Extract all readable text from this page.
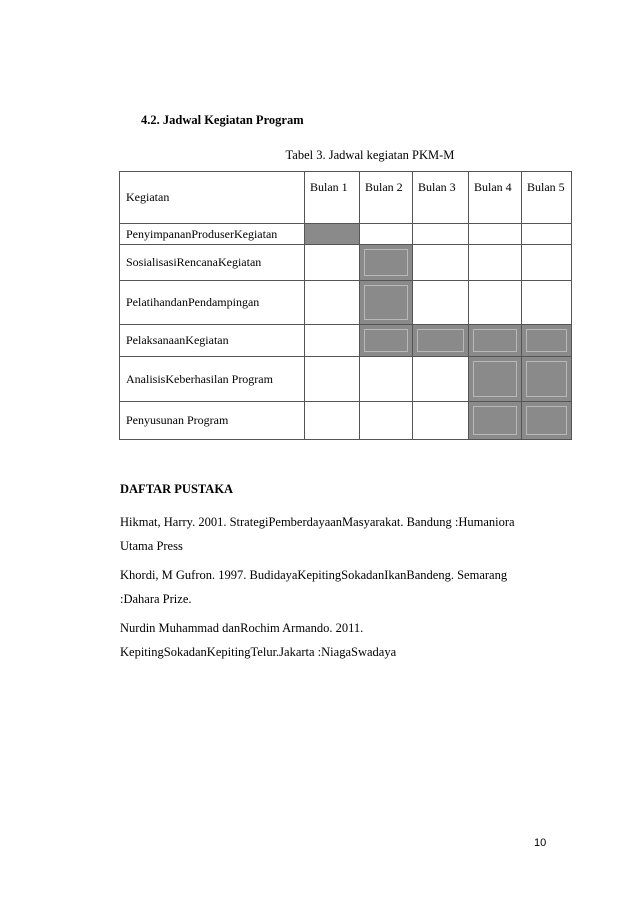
4.2. Jadwal Kegiatan Program
Tabel 3. Jadwal kegiatan PKM-M
Kegiatan	Bulan 1	Bulan 2	Bulan 3	Bulan 4	Bulan 5
PenyimpananProduserKegiatan					
SosialisasiRencanaKegiatan		

PelatihandanPendampingan		

PelaksanaanKegiatan		

AnalisisKeberhasilan Program				

Penyusunan Program				

DAFTAR PUSTAKA
Hikmat, Harry. 2001. StrategiPemberdayaanMasyarakat. Bandung :Humaniora
Utama Press
Khordi, M Gufron. 1997. BudidayaKepitingSokadanIkanBandeng. Semarang
:Dahara Prize.
Nurdin Muhammad danRochim Armando. 2011.
KepitingSokadanKepitingTelur.Jakarta :NiagaSwadaya
10
